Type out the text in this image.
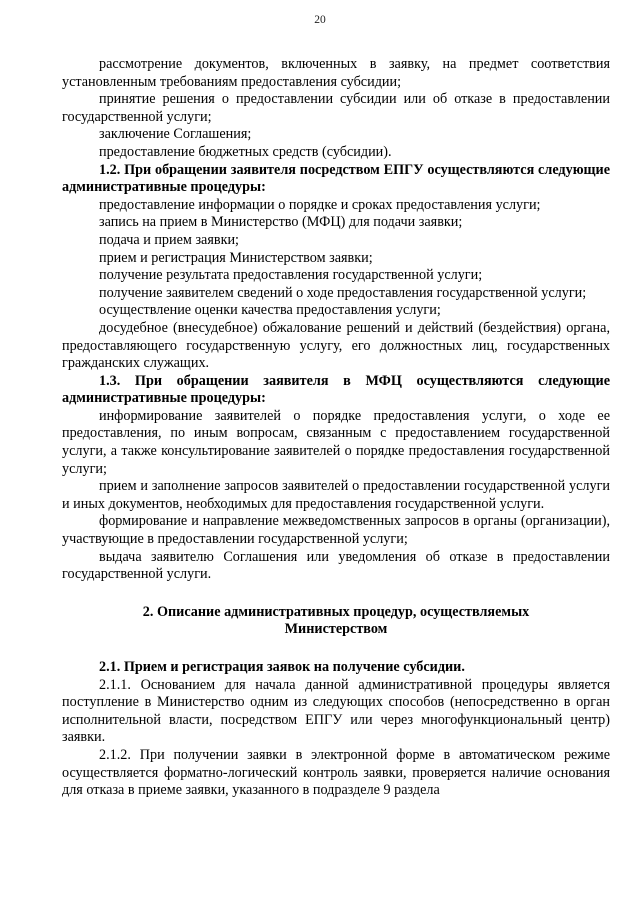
20

рассмотрение документов, включенных в заявку, на предмет соответствия установленным требованиям предоставления субсидии;

принятие решения о предоставлении субсидии или об отказе в предоставлении государственной услуги;

заключение Соглашения;

предоставление бюджетных средств (субсидии).

1.2. При обращении заявителя посредством ЕПГУ осуществляются следующие административные процедуры:

предоставление информации о порядке и сроках предоставления услуги;

запись на прием в Министерство (МФЦ) для подачи заявки;

подача и прием заявки;

прием и регистрация Министерством заявки;

получение результата предоставления государственной услуги;

получение заявителем сведений о ходе предоставления государственной услуги;

осуществление оценки качества предоставления услуги;

досудебное (внесудебное) обжалование решений и действий (бездействия) органа, предоставляющего государственную услугу, его должностных лиц, государственных гражданских служащих.

1.3. При обращении заявителя в МФЦ осуществляются следующие административные процедуры:

информирование заявителей о порядке предоставления услуги, о ходе ее предоставления, по иным вопросам, связанным с предоставлением государственной услуги, а также консультирование заявителей о порядке предоставления государственной услуги;

прием и заполнение запросов заявителей о предоставлении государственной услуги и иных документов, необходимых для предоставления государственной услуги.

формирование и направление межведомственных запросов в органы (организации), участвующие в предоставлении государственной услуги;

выдача заявителю Соглашения или уведомления об отказе в предоставлении государственной услуги.

2. Описание административных процедур, осуществляемых

Министерством

2.1. Прием и регистрация заявок на получение субсидии.

2.1.1. Основанием для начала данной административной процедуры является поступление в Министерство одним из следующих способов (непосредственно в орган исполнительной власти, посредством ЕПГУ или через многофункциональный центр) заявки.

2.1.2. При получении заявки в электронной форме в автоматическом режиме осуществляется форматно-логический контроль заявки, проверяется наличие основания для отказа в приеме заявки, указанного в подразделе 9 раздела
